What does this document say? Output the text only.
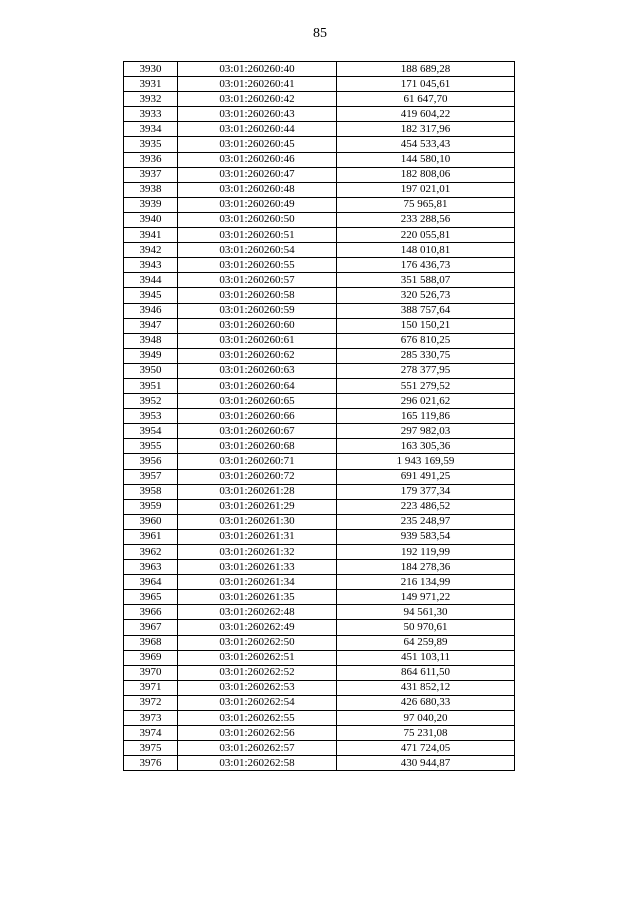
85
3930	03:01:260260:40	188 689,28
3931	03:01:260260:41	171 045,61
3932	03:01:260260:42	61 647,70
3933	03:01:260260:43	419 604,22
3934	03:01:260260:44	182 317,96
3935	03:01:260260:45	454 533,43
3936	03:01:260260:46	144 580,10
3937	03:01:260260:47	182 808,06
3938	03:01:260260:48	197 021,01
3939	03:01:260260:49	75 965,81
3940	03:01:260260:50	233 288,56
3941	03:01:260260:51	220 055,81
3942	03:01:260260:54	148 010,81
3943	03:01:260260:55	176 436,73
3944	03:01:260260:57	351 588,07
3945	03:01:260260:58	320 526,73
3946	03:01:260260:59	388 757,64
3947	03:01:260260:60	150 150,21
3948	03:01:260260:61	676 810,25
3949	03:01:260260:62	285 330,75
3950	03:01:260260:63	278 377,95
3951	03:01:260260:64	551 279,52
3952	03:01:260260:65	296 021,62
3953	03:01:260260:66	165 119,86
3954	03:01:260260:67	297 982,03
3955	03:01:260260:68	163 305,36
3956	03:01:260260:71	1 943 169,59
3957	03:01:260260:72	691 491,25
3958	03:01:260261:28	179 377,34
3959	03:01:260261:29	223 486,52
3960	03:01:260261:30	235 248,97
3961	03:01:260261:31	939 583,54
3962	03:01:260261:32	192 119,99
3963	03:01:260261:33	184 278,36
3964	03:01:260261:34	216 134,99
3965	03:01:260261:35	149 971,22
3966	03:01:260262:48	94 561,30
3967	03:01:260262:49	50 970,61
3968	03:01:260262:50	64 259,89
3969	03:01:260262:51	451 103,11
3970	03:01:260262:52	864 611,50
3971	03:01:260262:53	431 852,12
3972	03:01:260262:54	426 680,33
3973	03:01:260262:55	97 040,20
3974	03:01:260262:56	75 231,08
3975	03:01:260262:57	471 724,05
3976	03:01:260262:58	430 944,87
